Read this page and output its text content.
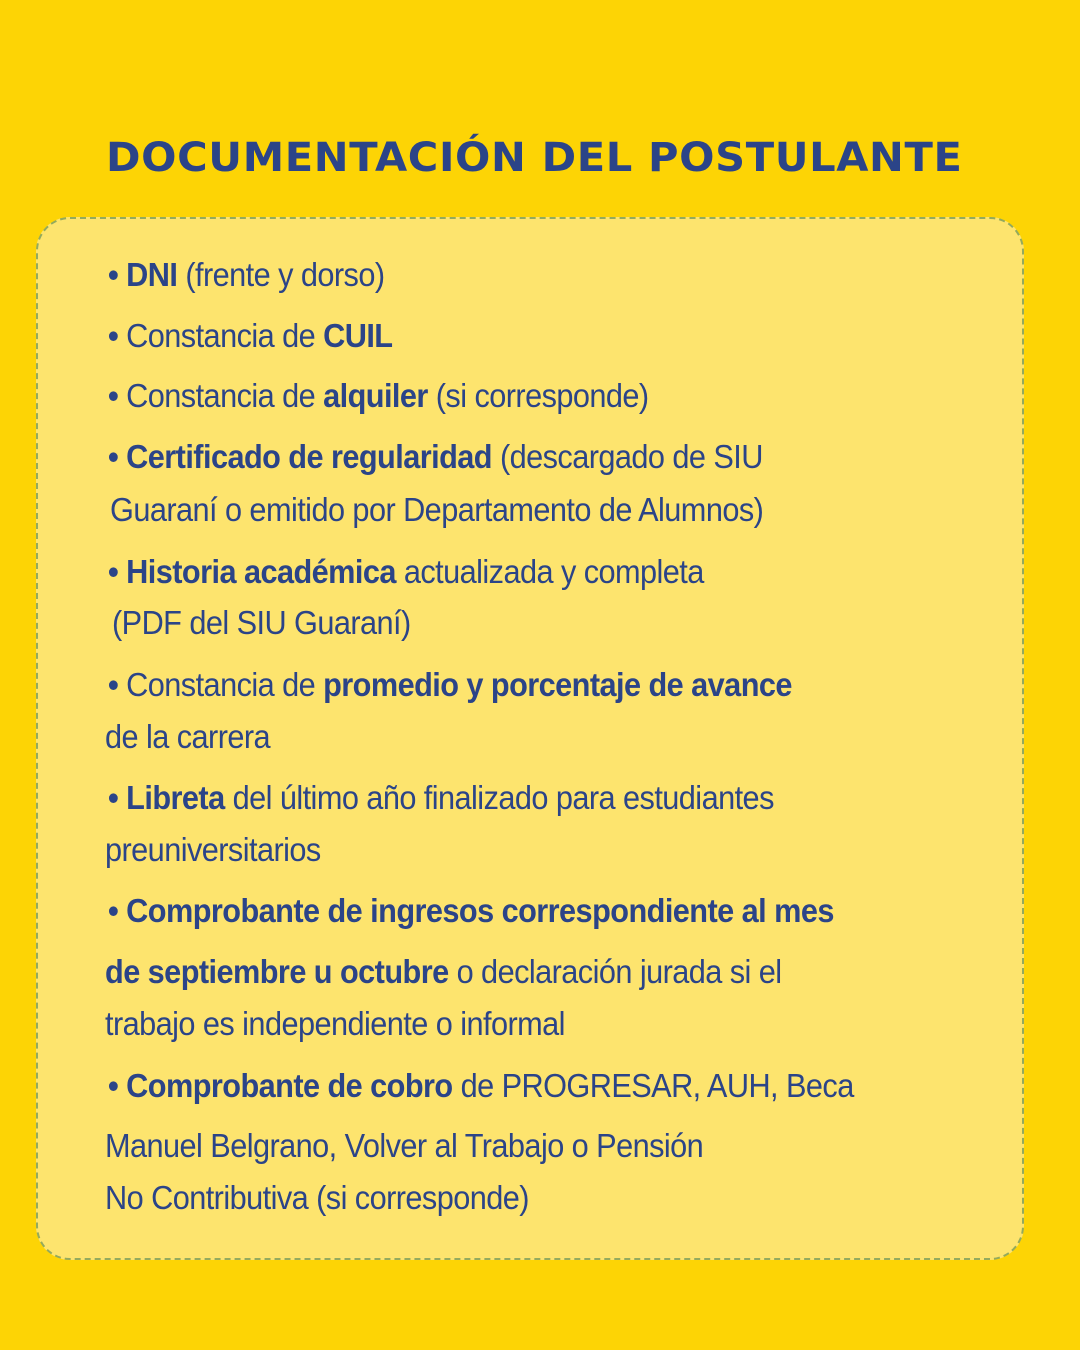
DOCUMENTACIÓN DEL POSTULANTE
• DNI (frente y dorso)
• Constancia de CUIL
• Constancia de alquiler (si corresponde)
• Certificado de regularidad (descargado de SIU
Guaraní o emitido por Departamento de Alumnos)
• Historia académica actualizada y completa
(PDF del SIU Guaraní)
• Constancia de promedio y porcentaje de avance
de la carrera
• Libreta del último año finalizado para estudiantes
preuniversitarios
• Comprobante de ingresos correspondiente al mes
de septiembre u octubre o declaración jurada si el
trabajo es independiente o informal
• Comprobante de cobro de PROGRESAR, AUH, Beca
Manuel Belgrano, Volver al Trabajo o Pensión
No Contributiva (si corresponde)
